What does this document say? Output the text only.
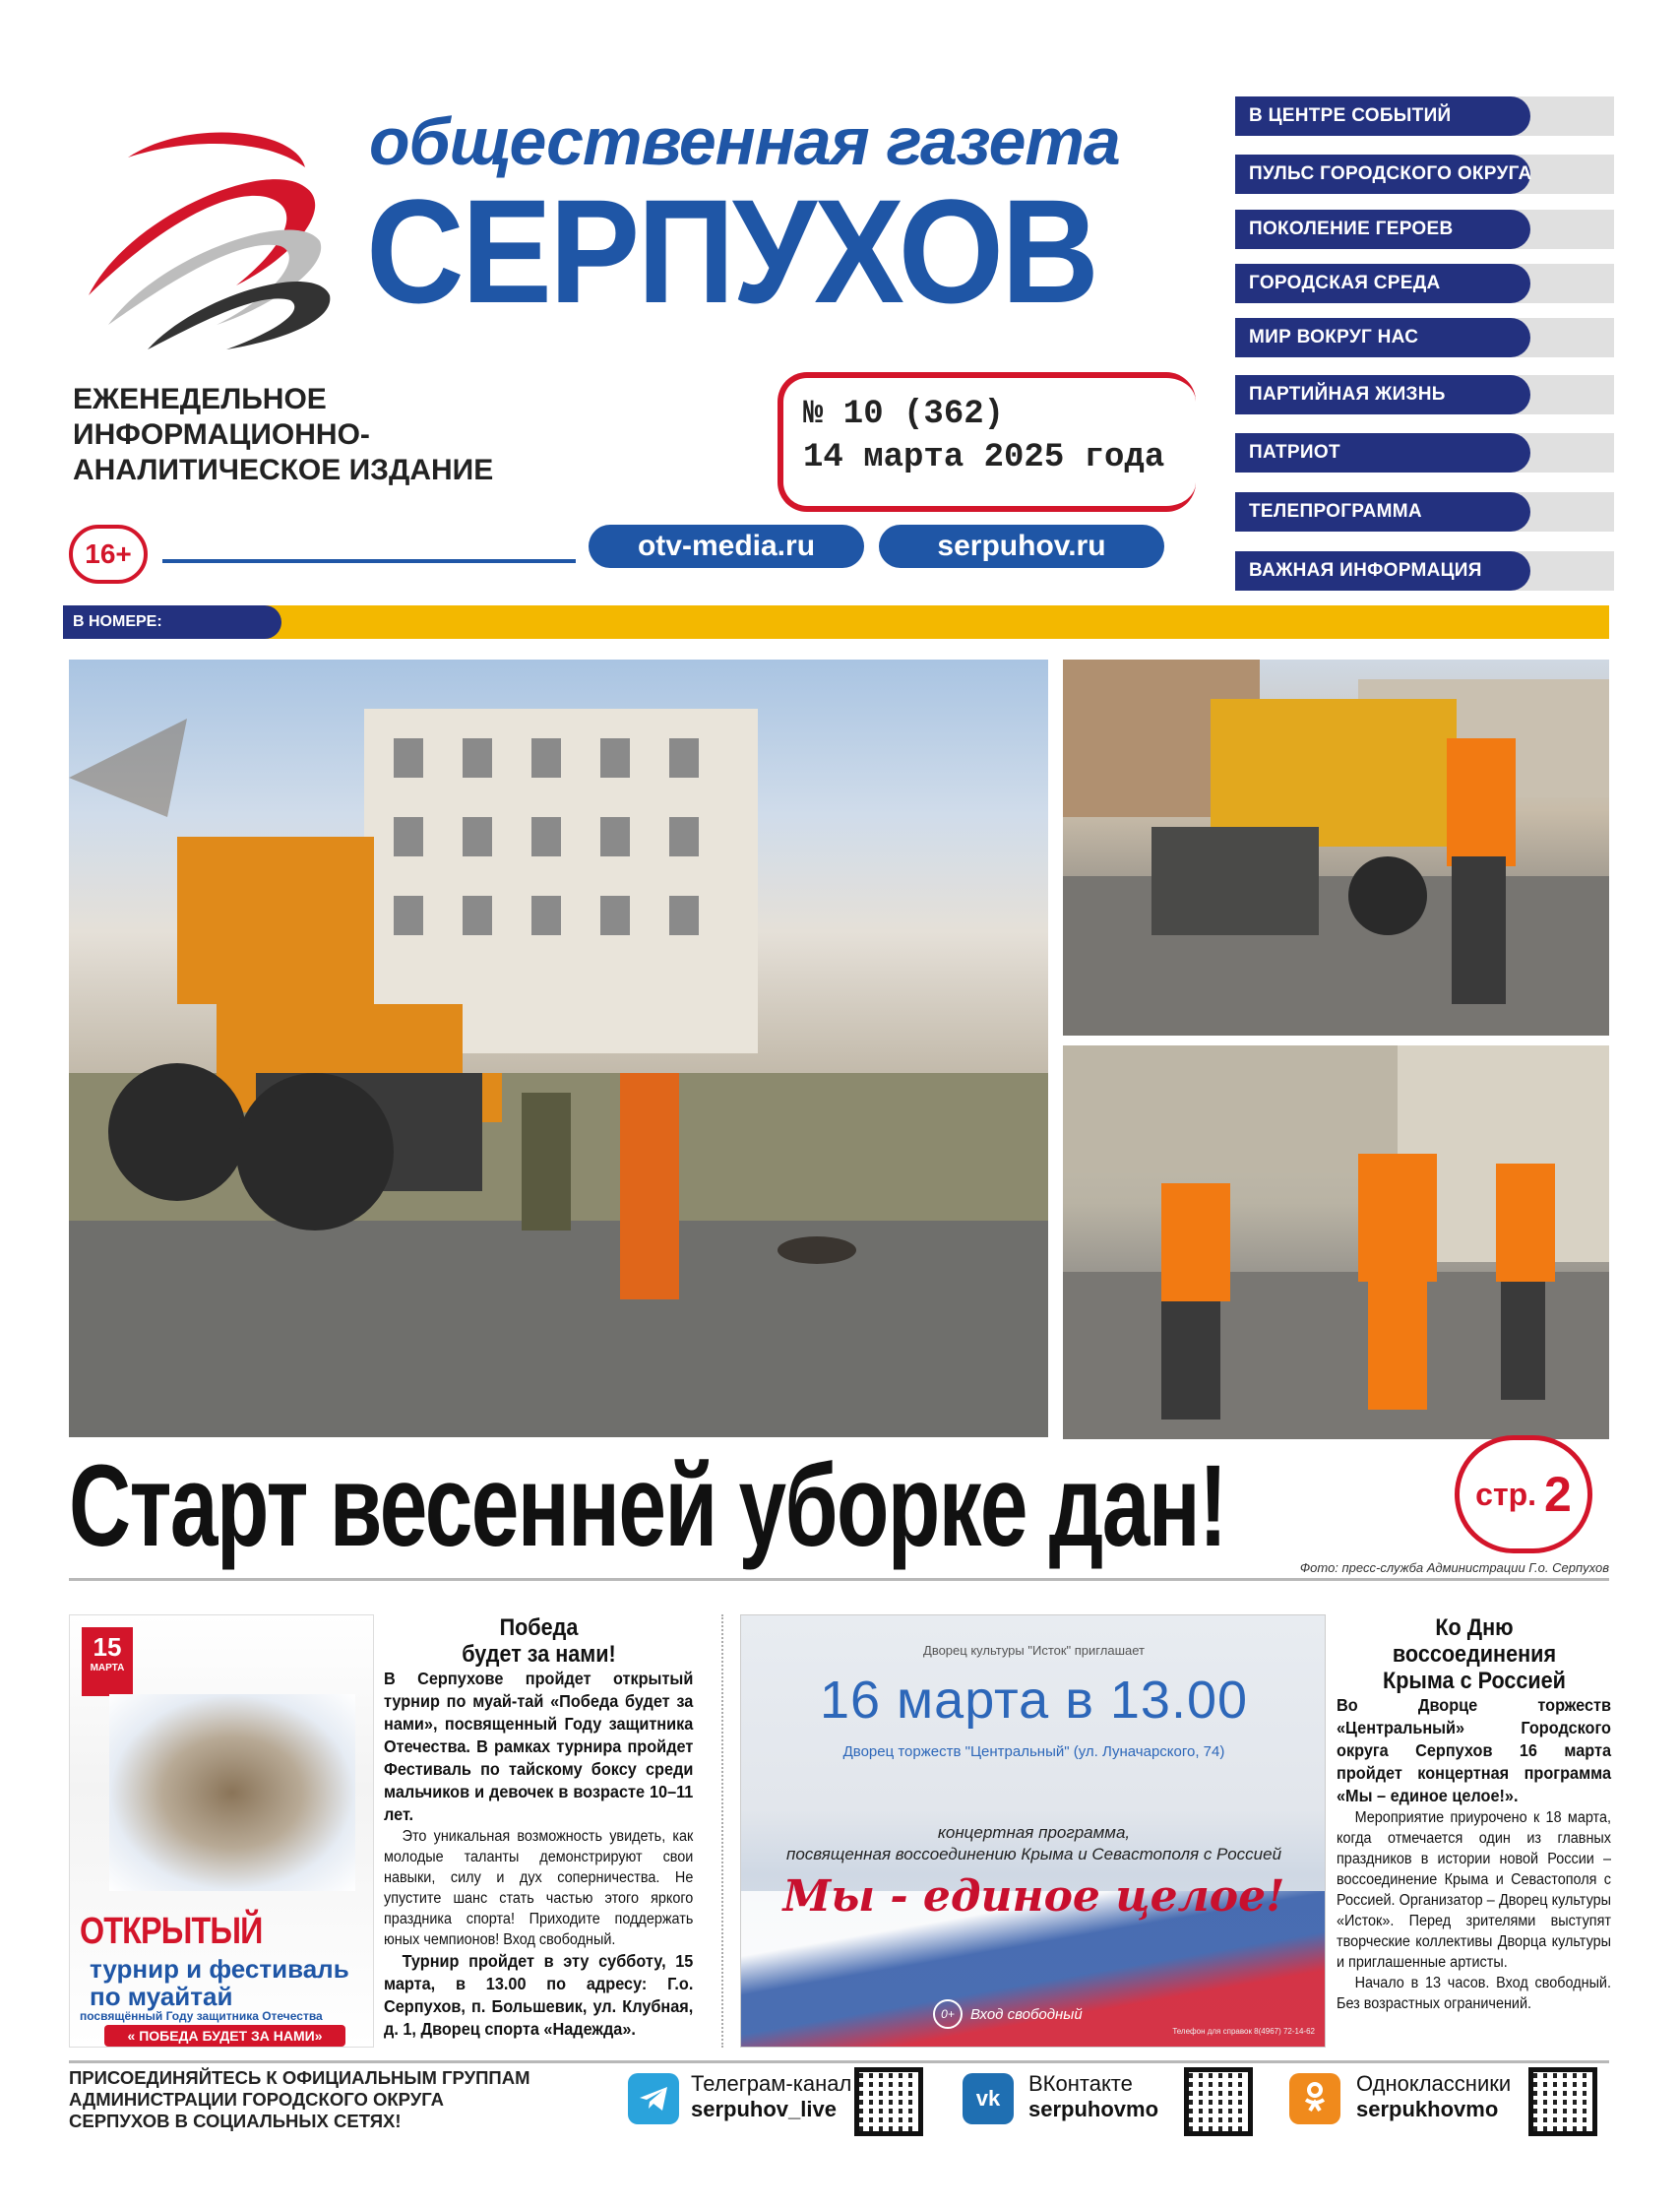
общественная газета
СЕРПУХОВ
ЕЖЕНЕДЕЛЬНОЕ
ИНФОРМАЦИОННО-
АНАЛИТИЧЕСКОЕ ИЗДАНИЕ
№ 10 (362)
14 марта 2025 года
16+	otv-media.ru	serpuhov.ru
В ЦЕНТРЕ СОБЫТИЙ
ПУЛЬС ГОРОДСКОГО ОКРУГА
ПОКОЛЕНИЕ ГЕРОЕВ
ГОРОДСКАЯ СРЕДА
МИР ВОКРУГ НАС
ПАРТИЙНАЯ ЖИЗНЬ
ПАТРИОТ
ТЕЛЕПРОГРАММА
ВАЖНАЯ ИНФОРМАЦИЯ
В НОМЕРЕ:
Старт весенней уборке дан!	стр. 2
Фото: пресс-служба Администрации Г.о. Серпухов
15
МАРТА
ОТКРЫТЫЙ
турнир и фестиваль
по муайтай
посвящённый Году защитника Отечества
« ПОБЕДА БУДЕТ ЗА НАМИ»
Победа
будет за нами!
В Серпухове пройдет открытый турнир по муай-тай «Победа будет за нами», посвященный Году защитника Отечества. В рамках турнира пройдет Фестиваль по тайскому боксу среди мальчиков и девочек в возрасте 10–11 лет.
Это уникальная возможность увидеть, как молодые таланты демонстрируют свои навыки, силу и дух соперничества. Не упустите шанс стать частью этого яркого праздника спорта! Приходите поддержать юных чемпионов! Вход свободный.
Турнир пройдет в эту субботу, 15 марта, в 13.00 по адресу: Г.о. Серпухов, п. Большевик, ул. Клубная, д. 1, Дворец спорта «Надежда».
Дворец культуры "Исток" приглашает
16 марта в 13.00
Дворец торжеств "Центральный" (ул. Луначарского, 74)
концертная программа,
посвященная воссоединению Крыма и Севастополя с Россией
Мы - единое целое!
0+	Вход свободный
Телефон для справок 8(4967) 72-14-62
Ко Дню
воссоединения
Крыма с Россией
Во Дворце торжеств «Центральный» Городского округа Серпухов 16 марта пройдет концертная программа «Мы – единое целое!».
Мероприятие приурочено к 18 марта, когда отмечается один из главных праздников в истории новой России – воссоединение Крыма и Севастополя с Россией. Организатор – Дворец культуры «Исток». Перед зрителями выступят творческие коллективы Дворца культуры и приглашенные артисты.
Начало в 13 часов. Вход свободный. Без возрастных ограничений.
ПРИСОЕДИНЯЙТЕСЬ К ОФИЦИАЛЬНЫМ ГРУППАМ
АДМИНИСТРАЦИИ ГОРОДСКОГО ОКРУГА
СЕРПУХОВ В СОЦИАЛЬНЫХ СЕТЯХ!
Телеграм-канал
serpuhov_live	vk
ВКонтакте
serpuhovmo
Одноклассники
serpukhovmo
